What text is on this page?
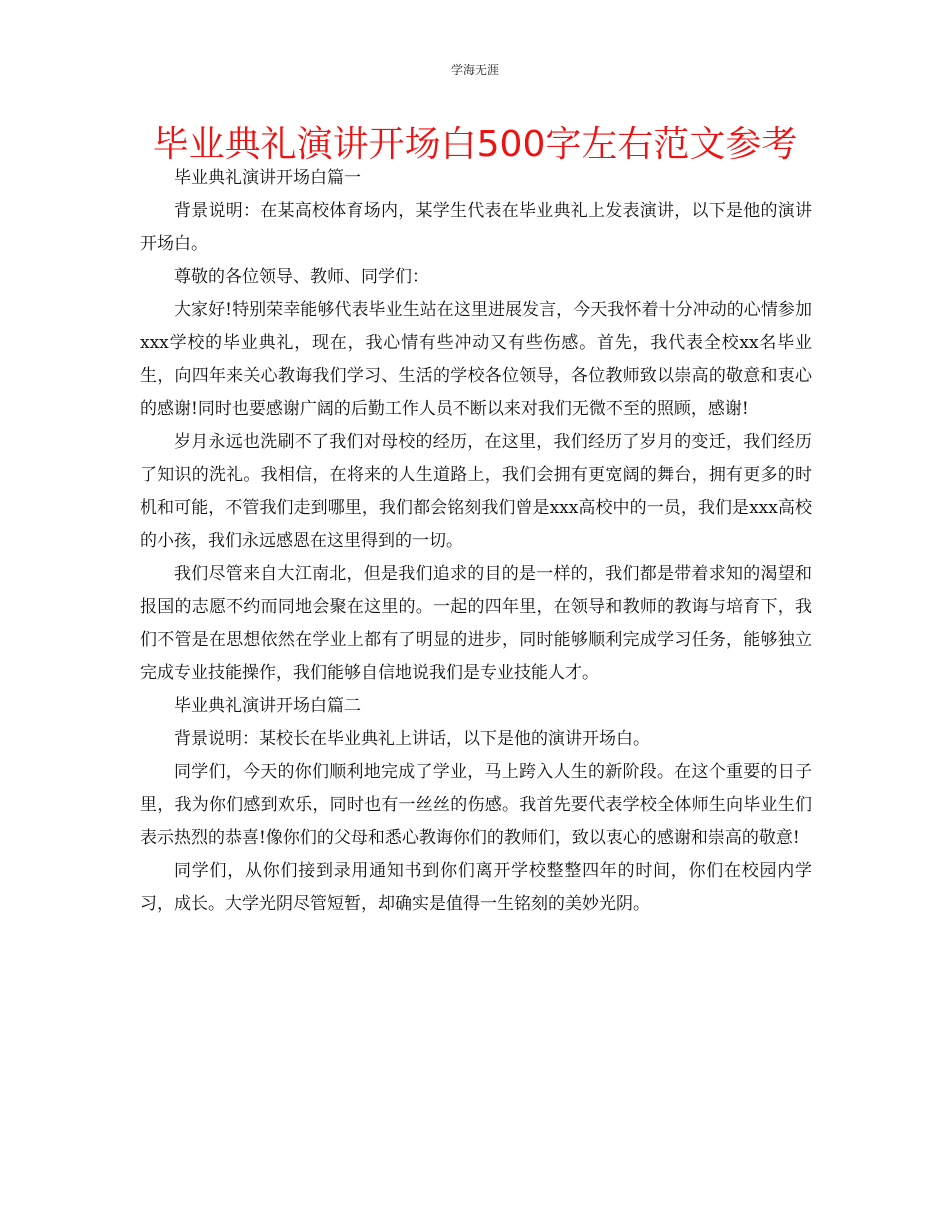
学海无涯
毕业典礼演讲开场白500字左右范文参考

毕业典礼演讲开场白篇一

背景说明：在某高校体育场内，某学生代表在毕业典礼上发表演讲，以下是他的演讲开场白。

尊敬的各位领导、教师、同学们：

大家好!特别荣幸能够代表毕业生站在这里进展发言，今天我怀着十分冲动的心情参加xxx学校的毕业典礼，现在，我心情有些冲动又有些伤感。首先，我代表全校xx名毕业生，向四年来关心教诲我们学习、生活的学校各位领导，各位教师致以崇高的敬意和衷心的感谢!同时也要感谢广阔的后勤工作人员不断以来对我们无微不至的照顾，感谢!

岁月永远也洗刷不了我们对母校的经历，在这里，我们经历了岁月的变迁，我们经历了知识的洗礼。我相信，在将来的人生道路上，我们会拥有更宽阔的舞台，拥有更多的时机和可能，不管我们走到哪里，我们都会铭刻我们曾是xxx高校中的一员，我们是xxx高校的小孩，我们永远感恩在这里得到的一切。

我们尽管来自大江南北，但是我们追求的目的是一样的，我们都是带着求知的渴望和报国的志愿不约而同地会聚在这里的。一起的四年里，在领导和教师的教诲与培育下，我们不管是在思想依然在学业上都有了明显的进步，同时能够顺利完成学习任务，能够独立完成专业技能操作，我们能够自信地说我们是专业技能人才。

毕业典礼演讲开场白篇二

背景说明：某校长在毕业典礼上讲话，以下是他的演讲开场白。

同学们，今天的你们顺利地完成了学业，马上跨入人生的新阶段。在这个重要的日子里，我为你们感到欢乐，同时也有一丝丝的伤感。我首先要代表学校全体师生向毕业生们表示热烈的恭喜!像你们的父母和悉心教诲你们的教师们，致以衷心的感谢和崇高的敬意!

同学们，从你们接到录用通知书到你们离开学校整整四年的时间，你们在校园内学习，成长。大学光阴尽管短暂，却确实是值得一生铭刻的美妙光阴。
